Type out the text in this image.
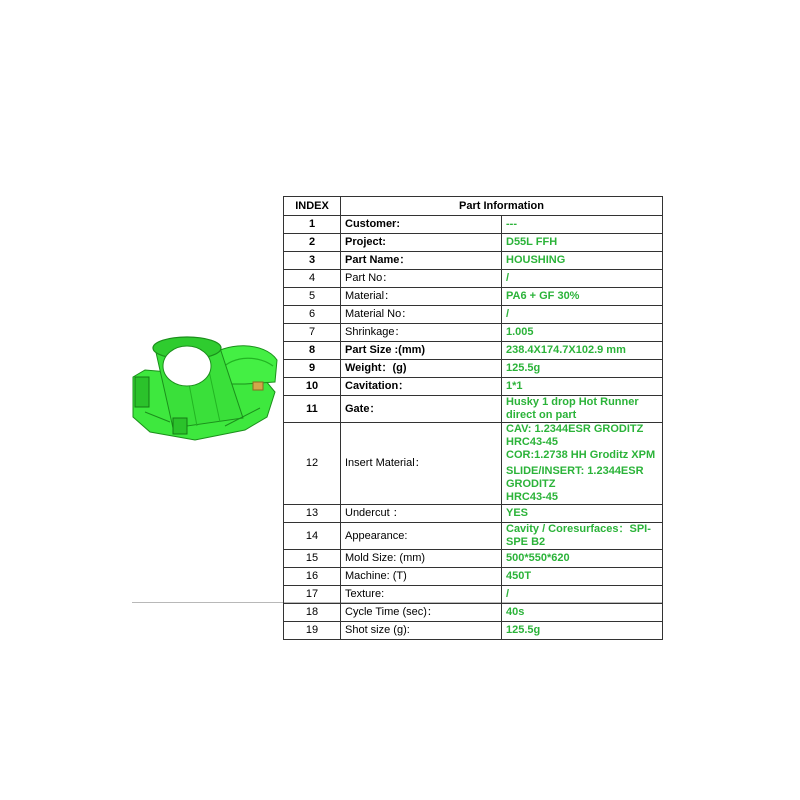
INDEX	Part Information	
1	Customer:	---
2	Project:	D55L FFH
3	Part Name：	HOUSHING
4	Part No：	/
5	Material：	PA6 + GF 30%
6	Material No：	/
7	Shrinkage：	1.005
8	Part Size :(mm)	238.4X174.7X102.9 mm
9	Weight：(g)	125.5g
10	Cavitation：	1*1
11	Gate：	Husky 1 drop Hot Runner direct on part
12	Insert Material：	CAV: 1.2344ESR GRODITZ HRC43-45
COR:1.2738 HH Groditz XPM
SLIDE/INSERT: 1.2344ESR GRODITZ
HRC43-45

13	Undercut ：	YES
14	Appearance:	Cavity / Coresurfaces：SPI-SPE B2
15	Mold Size: (mm)	500*550*620
16	Machine: (T)	450T
17	Texture:	/
18	Cycle Time (sec)：	40s
19	Shot size (g):	125.5g
